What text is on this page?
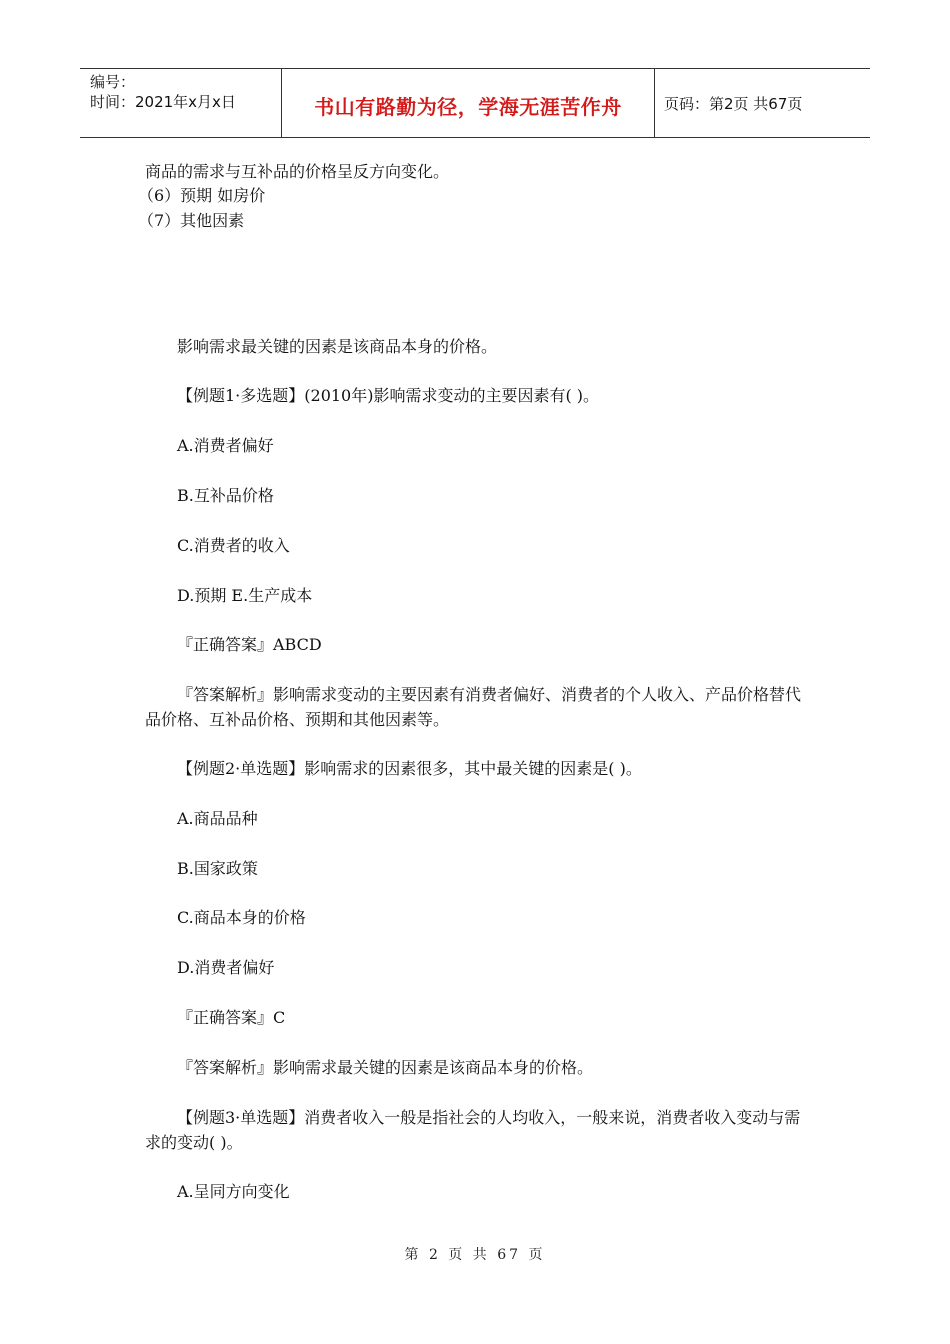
编号：
时间：2021年x月x日	书山有路勤为径，学海无涯苦作舟	页码：第2页 共67页
商品的需求与互补品的价格呈反方向变化。
（6）预期 如房价
（7）其他因素
影响需求最关键的因素是该商品本身的价格。
【例题1·多选题】(2010年)影响需求变动的主要因素有( )。
A.消费者偏好
B.互补品价格
C.消费者的收入
D.预期 E.生产成本
『正确答案』ABCD
『答案解析』影响需求变动的主要因素有消费者偏好、消费者的个人收入、产品价格替代品价格、互补品价格、预期和其他因素等。
【例题2·单选题】影响需求的因素很多，其中最关键的因素是( )。
A.商品品种
B.国家政策
C.商品本身的价格
D.消费者偏好
『正确答案』C
『答案解析』影响需求最关键的因素是该商品本身的价格。
【例题3·单选题】消费者收入一般是指社会的人均收入，一般来说，消费者收入变动与需求的变动( )。
A.呈同方向变化
第 2 页 共 67 页
